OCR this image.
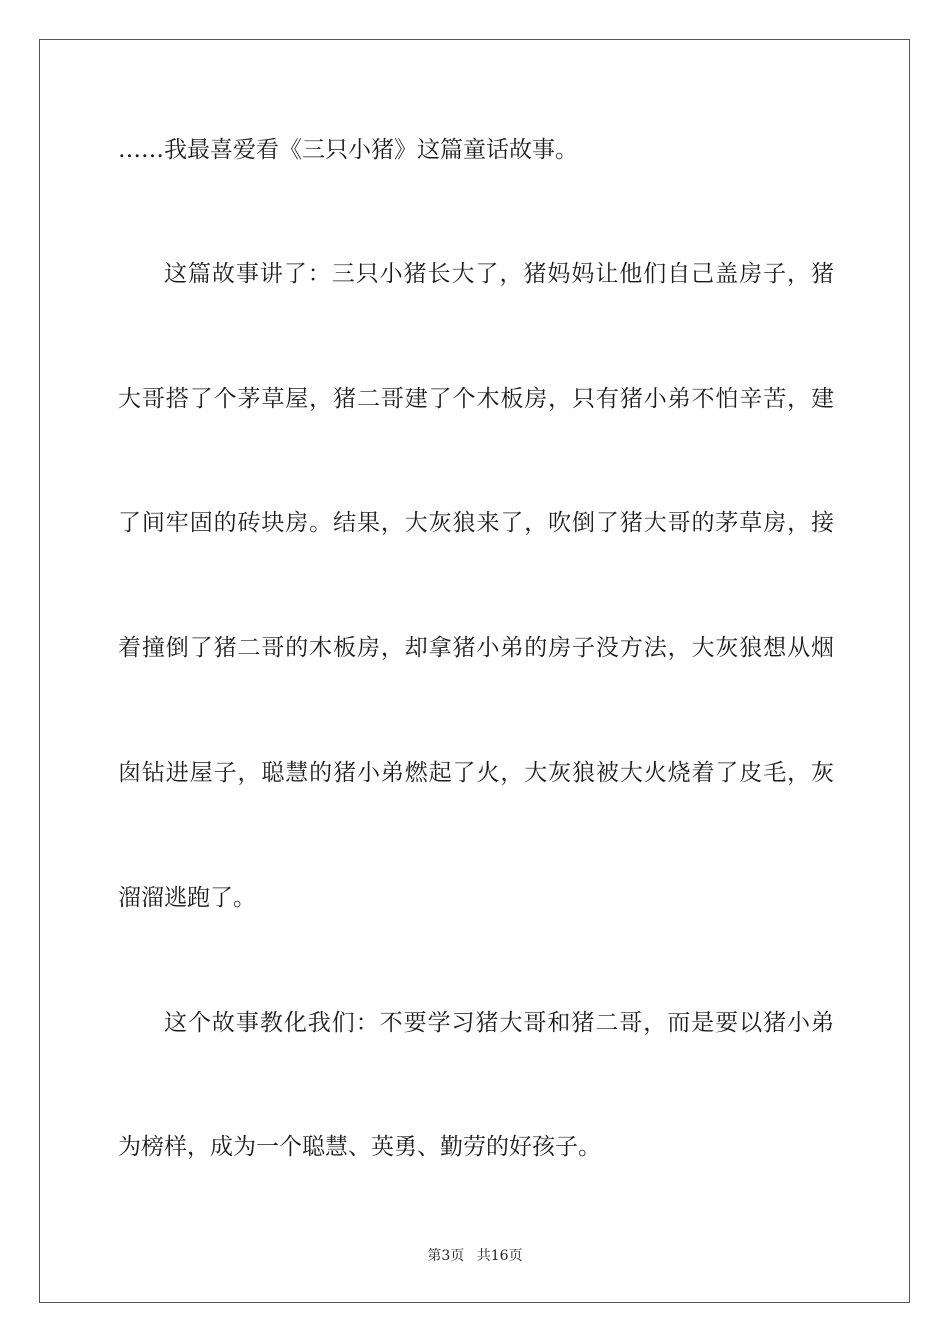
……我最喜爱看《三只小猪》这篇童话故事。
这篇故事讲了：三只小猪长大了，猪妈妈让他们自己盖房子，猪
大哥搭了个茅草屋，猪二哥建了个木板房，只有猪小弟不怕辛苦，建
了间牢固的砖块房。结果，大灰狼来了，吹倒了猪大哥的茅草房，接
着撞倒了猪二哥的木板房，却拿猪小弟的房子没方法，大灰狼想从烟
囱钻进屋子，聪慧的猪小弟燃起了火，大灰狼被大火烧着了皮毛，灰
溜溜逃跑了。
这个故事教化我们：不要学习猪大哥和猪二哥，而是要以猪小弟
为榜样，成为一个聪慧、英勇、勤劳的好孩子。
第3页 共16页
